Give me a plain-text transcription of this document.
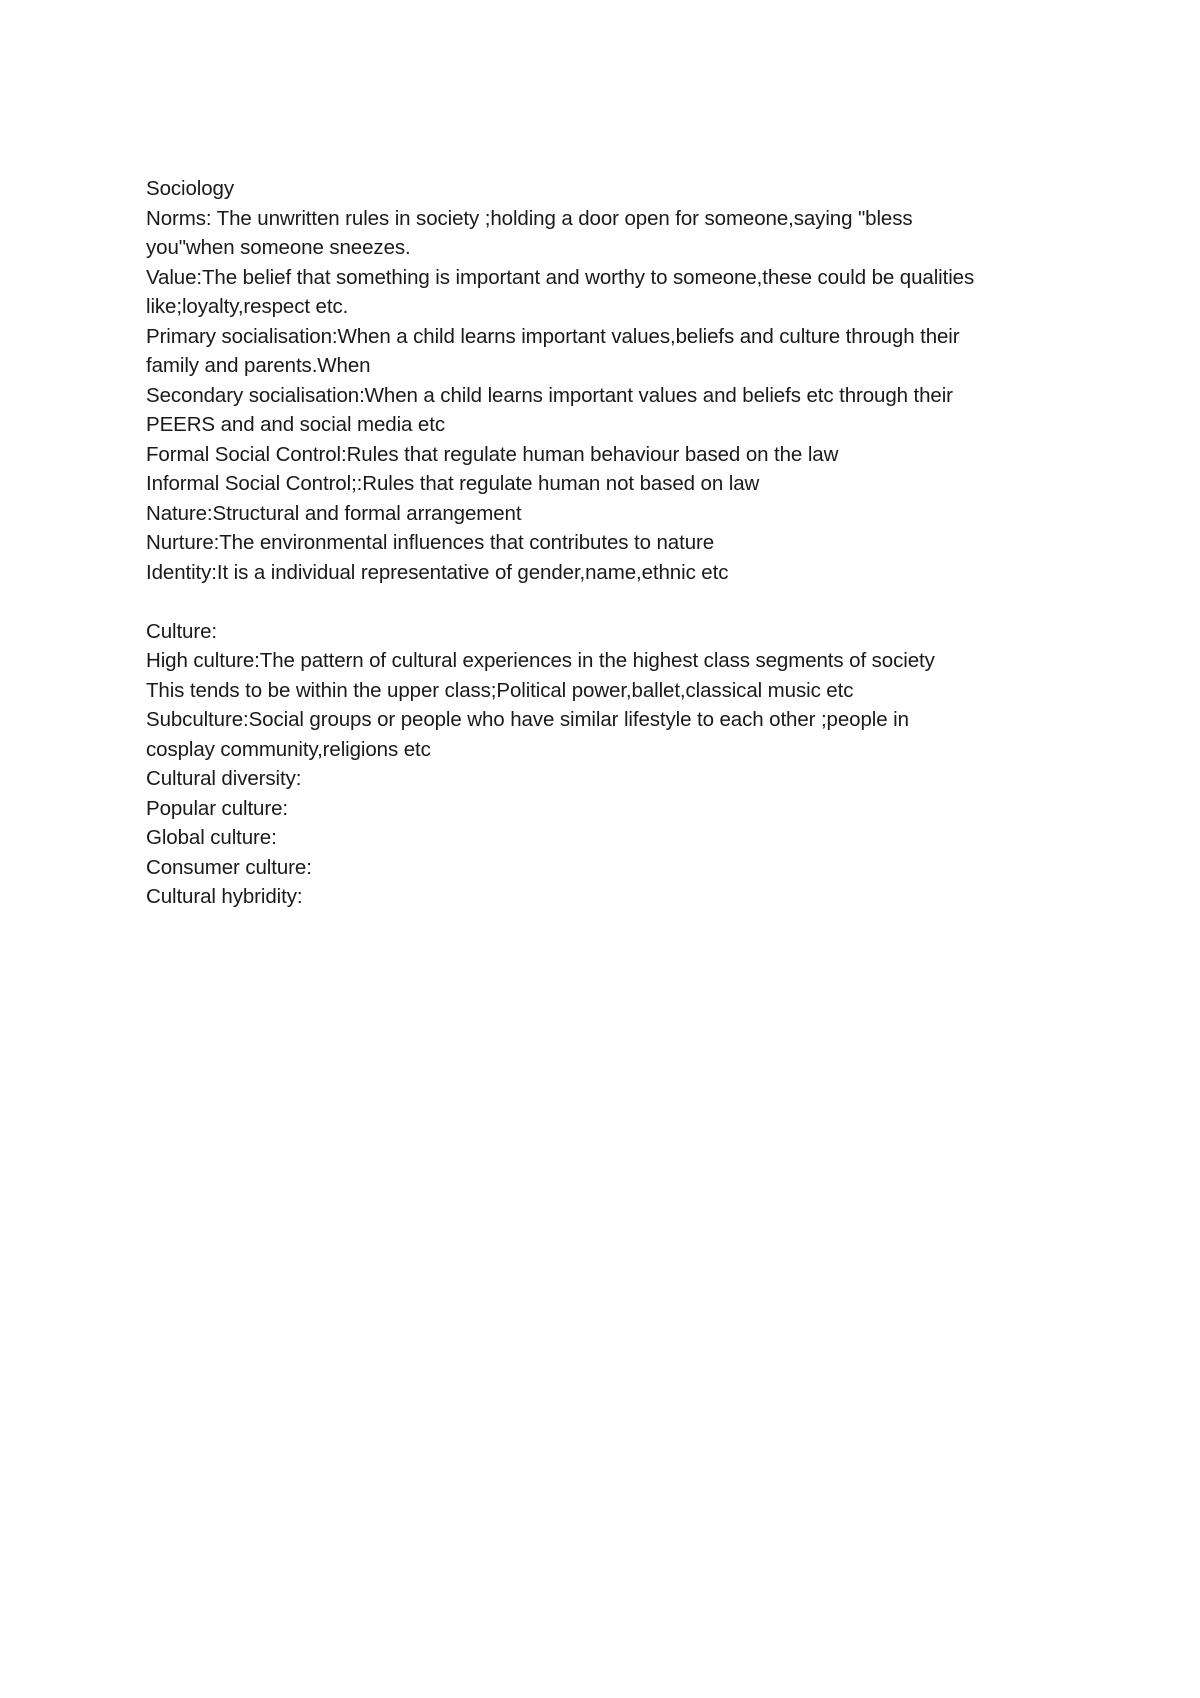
Sociology
Norms: The unwritten rules in society ;holding a door open for someone,saying "bless
you"when someone sneezes.
Value:The belief that something is important and worthy to someone,these could be qualities
like;loyalty,respect etc.
Primary socialisation:When a child learns important values,beliefs and culture through their
family and parents.When
Secondary socialisation:When a child learns important values and beliefs etc through their
PEERS and and social media etc
Formal Social Control:Rules that regulate human behaviour based on the law
Informal Social Control;:Rules that regulate human not based on law
Nature:Structural and formal arrangement
Nurture:The environmental influences that contributes to nature
Identity:It is a individual representative of gender,name,ethnic etc
Culture:
High culture:The pattern of cultural experiences in the highest class segments of society
This tends to be within the upper class;Political power,ballet,classical music etc
Subculture:Social groups or people who have similar lifestyle to each other ;people in
cosplay community,religions etc
Cultural diversity:
Popular culture:
Global culture:
Consumer culture:
Cultural hybridity:
